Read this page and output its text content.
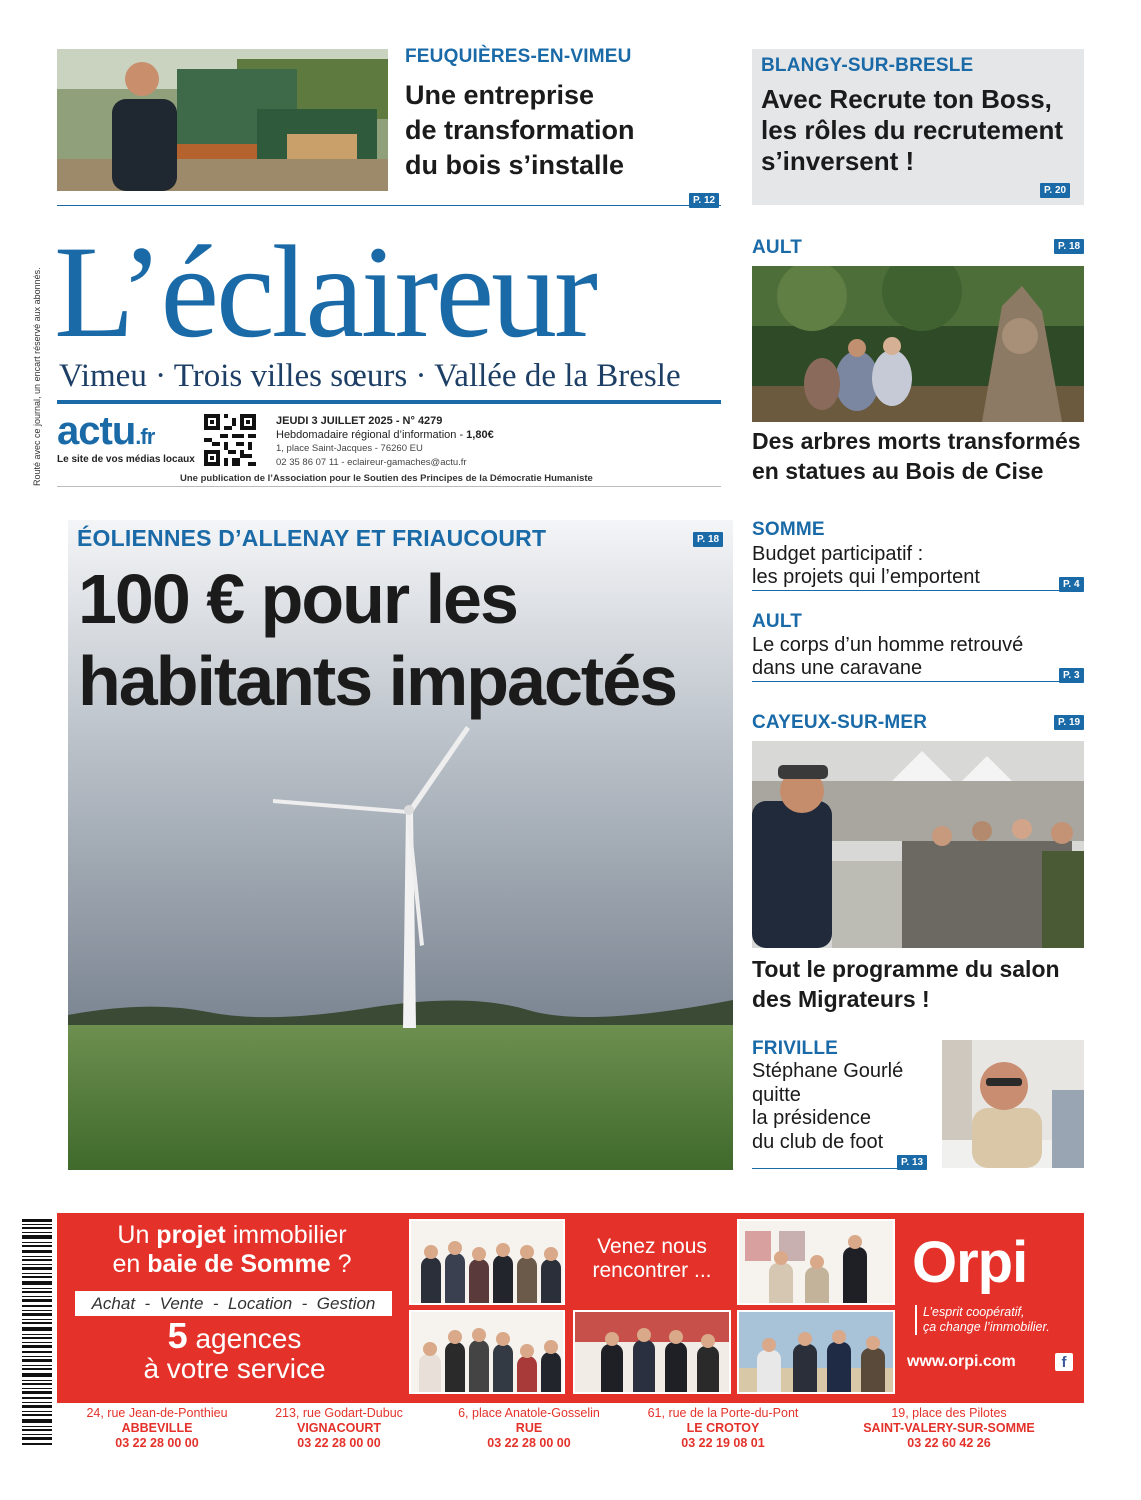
Routé avec ce journal, un encart réservé aux abonnés.
FEUQUIÈRES-EN-VIMEU
Une entreprise
de transformation
du bois s’installe
P. 12
BLANGY-SUR-BRESLE
Avec Recrute ton Boss,
les rôles du recrutement
s’inversent !
P. 20
L’éclaireur
Vimeu · Trois villes sœurs · Vallée de la Bresle
actu.fr
Le site de vos médias locaux
JEUDI 3 JUILLET 2025 - N° 4279
Hebdomadaire régional d’information - 1,80€
1, place Saint-Jacques - 76260 EU
02 35 86 07 11 - eclaireur-gamaches@actu.fr
Une publication de l’Association pour le Soutien des Principes de la Démocratie Humaniste
ÉOLIENNES D’ALLENAY ET FRIAUCOURT	P. 18
100 € pour les
habitants impactés
AULT	P. 18
Des arbres morts transformés
en statues au Bois de Cise
SOMME
Budget participatif :
les projets qui l’emportent	P. 4
AULT
Le corps d’un homme retrouvé
dans une caravane	P. 3
CAYEUX-SUR-MER	P. 19
Tout le programme du salon
des Migrateurs !
FRIVILLE
Stéphane Gourlé
quitte
la présidence
du club de foot
P. 13
Un projet immobilier
en baie de Somme ?
Achat  -  Vente  -  Location  -  Gestion
5 agences
à votre service
Venez nous
rencontrer ...	Orpi
L’esprit coopératif,
ça change l’immobilier.
www.orpi.com	f
24, rue Jean-de-Ponthieu
ABBEVILLE
03 22 28 00 00
213, rue Godart-Dubuc
VIGNACOURT
03 22 28 00 00
6, place Anatole-Gosselin
RUE
03 22 28 00 00
61, rue de la Porte-du-Pont
LE CROTOY
03 22 19 08 01
19, place des Pilotes
SAINT-VALERY-SUR-SOMME
03 22 60 42 26
